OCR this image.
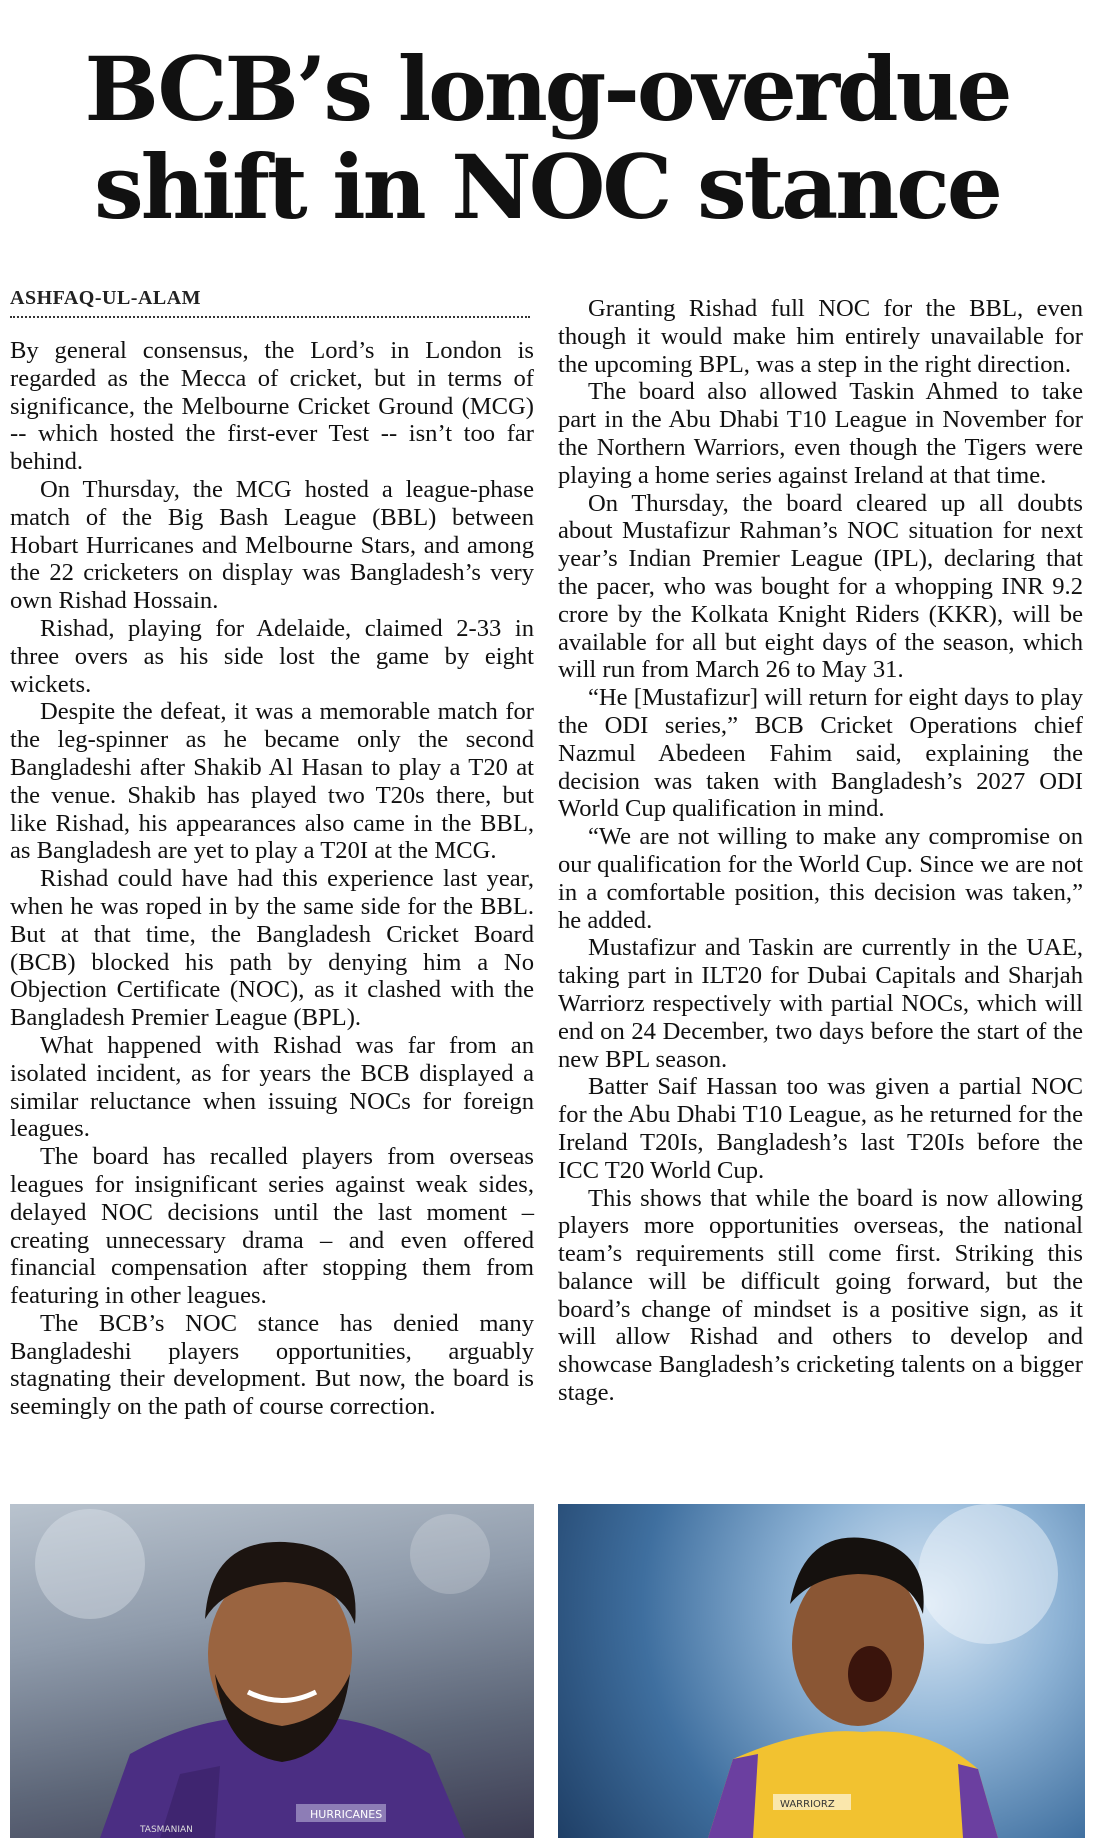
BCB’s long-overdue
shift in NOC stance
ASHFAQ-UL-ALAM

By general consensus, the Lord’s in London is regarded as the Mecca of cricket, but in terms of significance, the Melbourne Cricket Ground (MCG) -- which hosted the first-ever Test -- isn’t too far behind.

On Thursday, the MCG hosted a league-phase match of the Big Bash League (BBL) between Hobart Hurricanes and Melbourne Stars, and among the 22 cricketers on display was Bangladesh’s very own Rishad Hossain.

Rishad, playing for Adelaide, claimed 2-33 in three overs as his side lost the game by eight wickets.

Despite the defeat, it was a memorable match for the leg-spinner as he became only the second Bangladeshi after Shakib Al Hasan to play a T20 at the venue. Shakib has played two T20s there, but like Rishad, his appearances also came in the BBL, as Bangladesh are yet to play a T20I at the MCG.

Rishad could have had this experience last year, when he was roped in by the same side for the BBL. But at that time, the Bangladesh Cricket Board (BCB) blocked his path by denying him a No Objection Certificate (NOC), as it clashed with the Bangladesh Premier League (BPL).

What happened with Rishad was far from an isolated incident, as for years the BCB displayed a similar reluctance when issuing NOCs for foreign leagues.

The board has recalled players from overseas leagues for insignificant series against weak sides, delayed NOC decisions until the last moment – creating unnecessary drama – and even offered financial compensation after stopping them from featuring in other leagues.

The BCB’s NOC stance has denied many Bangladeshi players opportunities, arguably stagnating their development. But now, the board is seemingly on the path of course correction.

Granting Rishad full NOC for the BBL, even though it would make him entirely unavailable for the upcoming BPL, was a step in the right direction.

The board also allowed Taskin Ahmed to take part in the Abu Dhabi T10 League in November for the Northern Warriors, even though the Tigers were playing a home series against Ireland at that time.

On Thursday, the board cleared up all doubts about Mustafizur Rahman’s NOC situation for next year’s Indian Premier League (IPL), declaring that the pacer, who was bought for a whopping INR 9.2 crore by the Kolkata Knight Riders (KKR), will be available for all but eight days of the season, which will run from March 26 to May 31.

“He [Mustafizur] will return for eight days to play the ODI series,” BCB Cricket Operations chief Nazmul Abedeen Fahim said, explaining the decision was taken with Bangladesh’s 2027 ODI World Cup qualification in mind.

“We are not willing to make any compromise on our qualification for the World Cup. Since we are not in a comfortable position, this decision was taken,” he added.

Mustafizur and Taskin are currently in the UAE, taking part in ILT20 for Dubai Capitals and Sharjah Warriorz respectively with partial NOCs, which will end on 24 December, two days before the start of the new BPL season.

Batter Saif Hassan too was given a partial NOC for the Abu Dhabi T10 League, as he returned for the Ireland T20Is, Bangladesh’s last T20Is before the ICC T20 World Cup.

This shows that while the board is now allowing players more opportunities overseas, the national team’s requirements still come first. Striking this balance will be difficult going forward, but the board’s change of mindset is a positive sign, as it will allow Rishad and others to develop and showcase Bangladesh’s cricketing talents on a bigger stage.

HURRICANES
TASMANIAN
WARRIORZ
